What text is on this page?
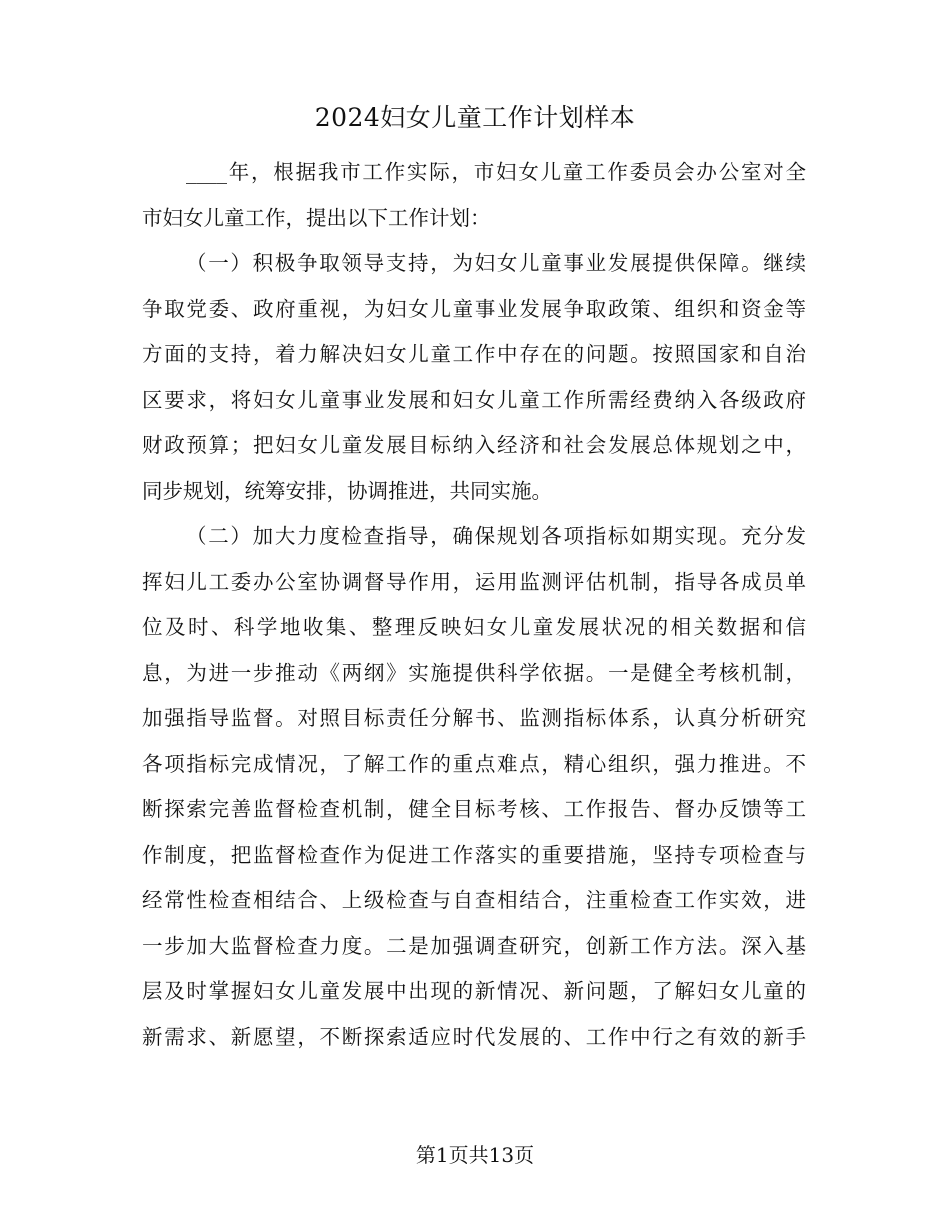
2024妇女儿童工作计划样本
____年，根据我市工作实际，市妇女儿童工作委员会办公室对全
市妇女儿童工作，提出以下工作计划：
（一）积极争取领导支持，为妇女儿童事业发展提供保障。继续
争取党委、政府重视，为妇女儿童事业发展争取政策、组织和资金等
方面的支持，着力解决妇女儿童工作中存在的问题。按照国家和自治
区要求，将妇女儿童事业发展和妇女儿童工作所需经费纳入各级政府
财政预算；把妇女儿童发展目标纳入经济和社会发展总体规划之中，
同步规划，统筹安排，协调推进，共同实施。
（二）加大力度检查指导，确保规划各项指标如期实现。充分发
挥妇儿工委办公室协调督导作用，运用监测评估机制，指导各成员单
位及时、科学地收集、整理反映妇女儿童发展状况的相关数据和信
息，为进一步推动《两纲》实施提供科学依据。一是健全考核机制，
加强指导监督。对照目标责任分解书、监测指标体系，认真分析研究
各项指标完成情况，了解工作的重点难点，精心组织，强力推进。不
断探索完善监督检查机制，健全目标考核、工作报告、督办反馈等工
作制度，把监督检查作为促进工作落实的重要措施，坚持专项检查与
经常性检查相结合、上级检查与自查相结合，注重检查工作实效，进
一步加大监督检查力度。二是加强调查研究，创新工作方法。深入基
层及时掌握妇女儿童发展中出现的新情况、新问题，了解妇女儿童的
新需求、新愿望，不断探索适应时代发展的、工作中行之有效的新手
第1页共13页
